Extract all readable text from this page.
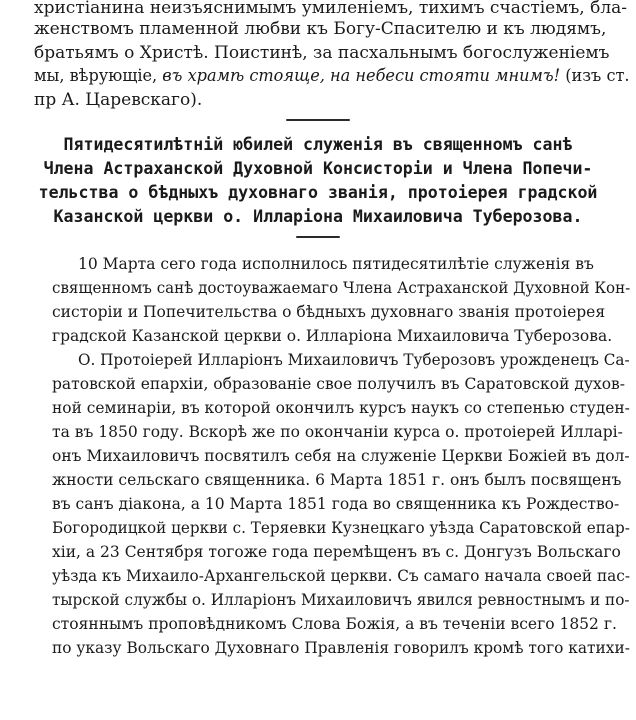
христіанина неизъяснимымъ умиленіемъ, тихимъ счастіемъ, бла-
женствомъ пламенной любви къ Богу-Спасителю и къ людямъ,
братьямъ о Христѣ. Поистинѣ, за пасхальнымъ богослуженіемъ
мы, вѣрующіе, въ храмѣ стояще, на небеси стояти мнимъ! (изъ ст.
пр А. Царевскаго).
Пятидесятилѣтній юбилей служенія въ священномъ санѣ
Члена Астраханской Духовной Консисторіи и Члена Попечи-
тельства о бѣдныхъ духовнаго званія, протоіерея градской
Казанской церкви о. Илларіона Михаиловича Туберозова.
10 Марта сего года исполнилось пятидесятилѣтіе служенія въ
священномъ санѣ достоуважаемаго Члена Астраханской Духовной Кон-
систоріи и Попечительства о бѣдныхъ духовнаго званія протоіерея
градской Казанской церкви о. Илларіона Михаиловича Туберозова.
О. Протоіерей Илларіонъ Михаиловичъ Туберозовъ урожденецъ Са-
ратовской епархіи, образованіе свое получилъ въ Саратовской духов-
ной семинаріи, въ которой окончилъ курсъ наукъ со степенью студен-
та въ 1850 году. Вскорѣ же по окончаніи курса о. протоіерей Илларі-
онъ Михаиловичъ посвятилъ себя на служеніе Церкви Божіей въ дол-
жности сельскаго священника. 6 Марта 1851 г. онъ былъ посвященъ
въ санъ діакона, а 10 Марта 1851 года во священника къ Рождество-
Богородицкой церкви с. Теряевки Кузнецкаго уѣзда Саратовской епар-
хіи, а 23 Сентября тогоже года перемѣщенъ въ с. Донгузъ Вольскаго
уѣзда къ Михаило-Архангельской церкви. Съ самаго начала своей пас-
тырской службы о. Илларіонъ Михаиловичъ явился ревностнымъ и по-
стояннымъ проповѣдникомъ Слова Божія, а въ теченіи всего 1852 г.
по указу Вольскаго Духовнаго Правленія говорилъ кромѣ того катихи-
